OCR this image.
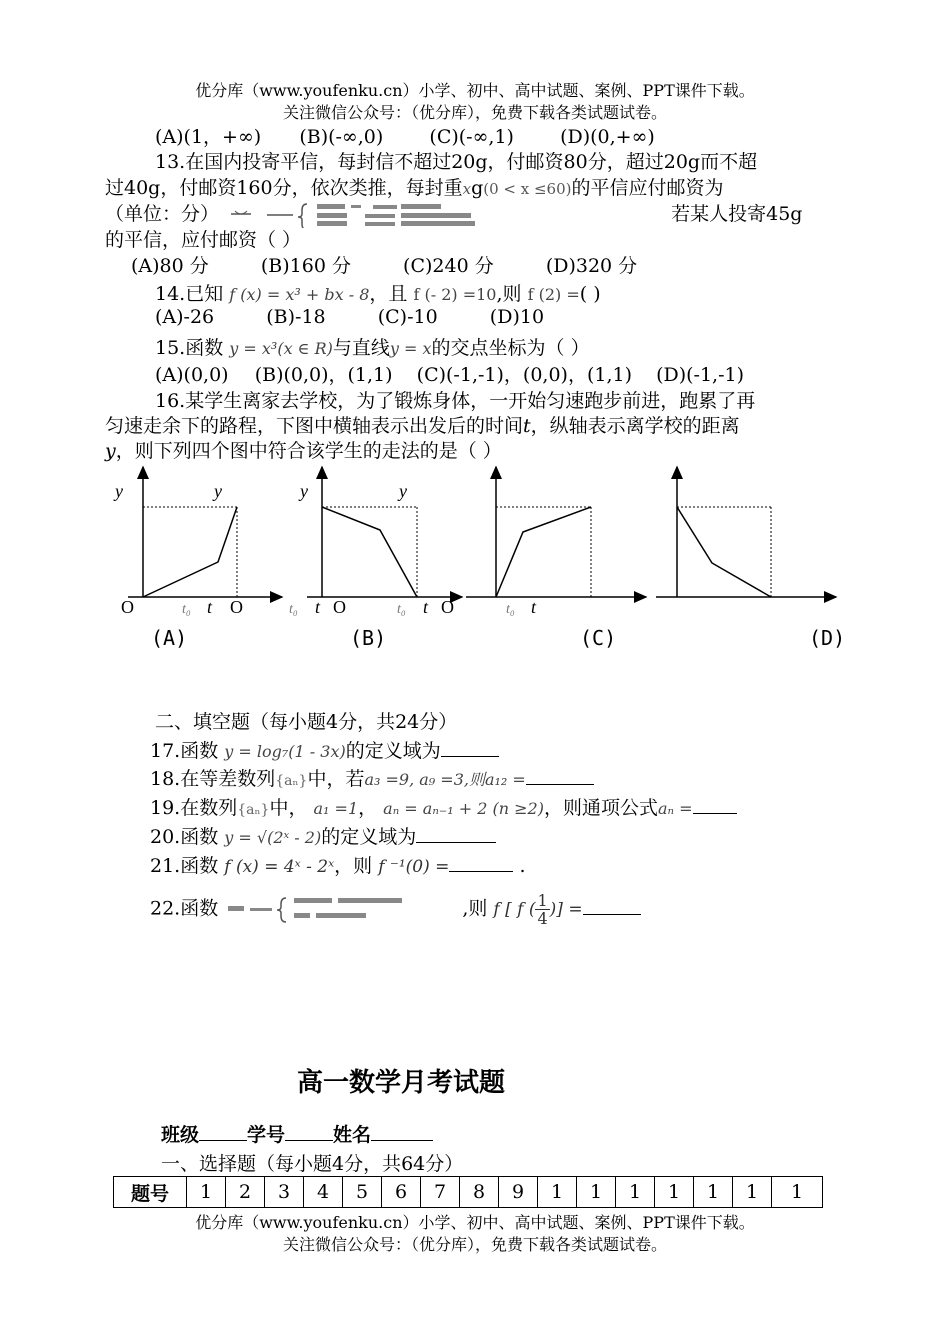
优分库（www.youfenku.cn）小学、初中、高中试题、案例、PPT课件下载。
关注微信公众号：（优分库），免费下载各类试题试卷。
(A)(1，+∞) (B)(-∞,0) (C)(-∞,1) (D)(0,+∞)
13.在国内投寄平信，每封信不超过20g，付邮资80分，超过20g而不超
过40g，付邮资160分，依次类推，每封重xg(0 < x ≤60)的平信应付邮资为
（单位：分）	若某人投寄45g
的平信，应付邮资（ ）
(A)80 分	(B)160 分	(C)240 分	(D)320 分
14.已知 f (x) = x³ + bx - 8，且 f (- 2) =10,则 f (2) =( )
(A)-26	(B)-18	(C)-10	(D)10
15.函数 y = x³(x ∈ R)与直线y = x的交点坐标为（ ）
(A)(0,0) (B)(0,0)，(1,1) (C)(-1,-1)，(0,0)，(1,1) (D)(-1,-1)
16.某学生离家去学校，为了锻炼身体，一开始匀速跑步前进，跑累了再
匀速走余下的路程，下图中横轴表示出发后的时间t，纵轴表示离学校的距离
y，则下列四个图中符合该学生的走法的是（ ）
y	y	y	y
O	O	O	O
t₀	t₀	t₀	t₀
t	t	t	t
(A)	(B)	(C)	(D)
二、填空题（每小题4分，共24分）
17.函数 y = log₇(1 - 3x)的定义域为
18.在等差数列{aₙ}中，若a₃ =9, a₉ =3,则a₁₂ =
19.在数列{aₙ}中， a₁ =1， aₙ = aₙ₋₁ + 2 (n ≥2)，则通项公式aₙ =
20.函数 y = √(2ˣ - 2)的定义域为
21.函数 f (x) = 4ˣ - 2ˣ，则 f ⁻¹(0) =	.
22.函数	,则 f [ f ( $\frac{1}{4}$ )] =
高一数学月考试题
班级	学号	姓名
一、选择题（每小题4分，共64分）
题号	1	2	3	4	5	6	7	8	9	1	1	1	1	1	1	1
优分库（www.youfenku.cn）小学、初中、高中试题、案例、PPT课件下载。
关注微信公众号：（优分库），免费下载各类试题试卷。
